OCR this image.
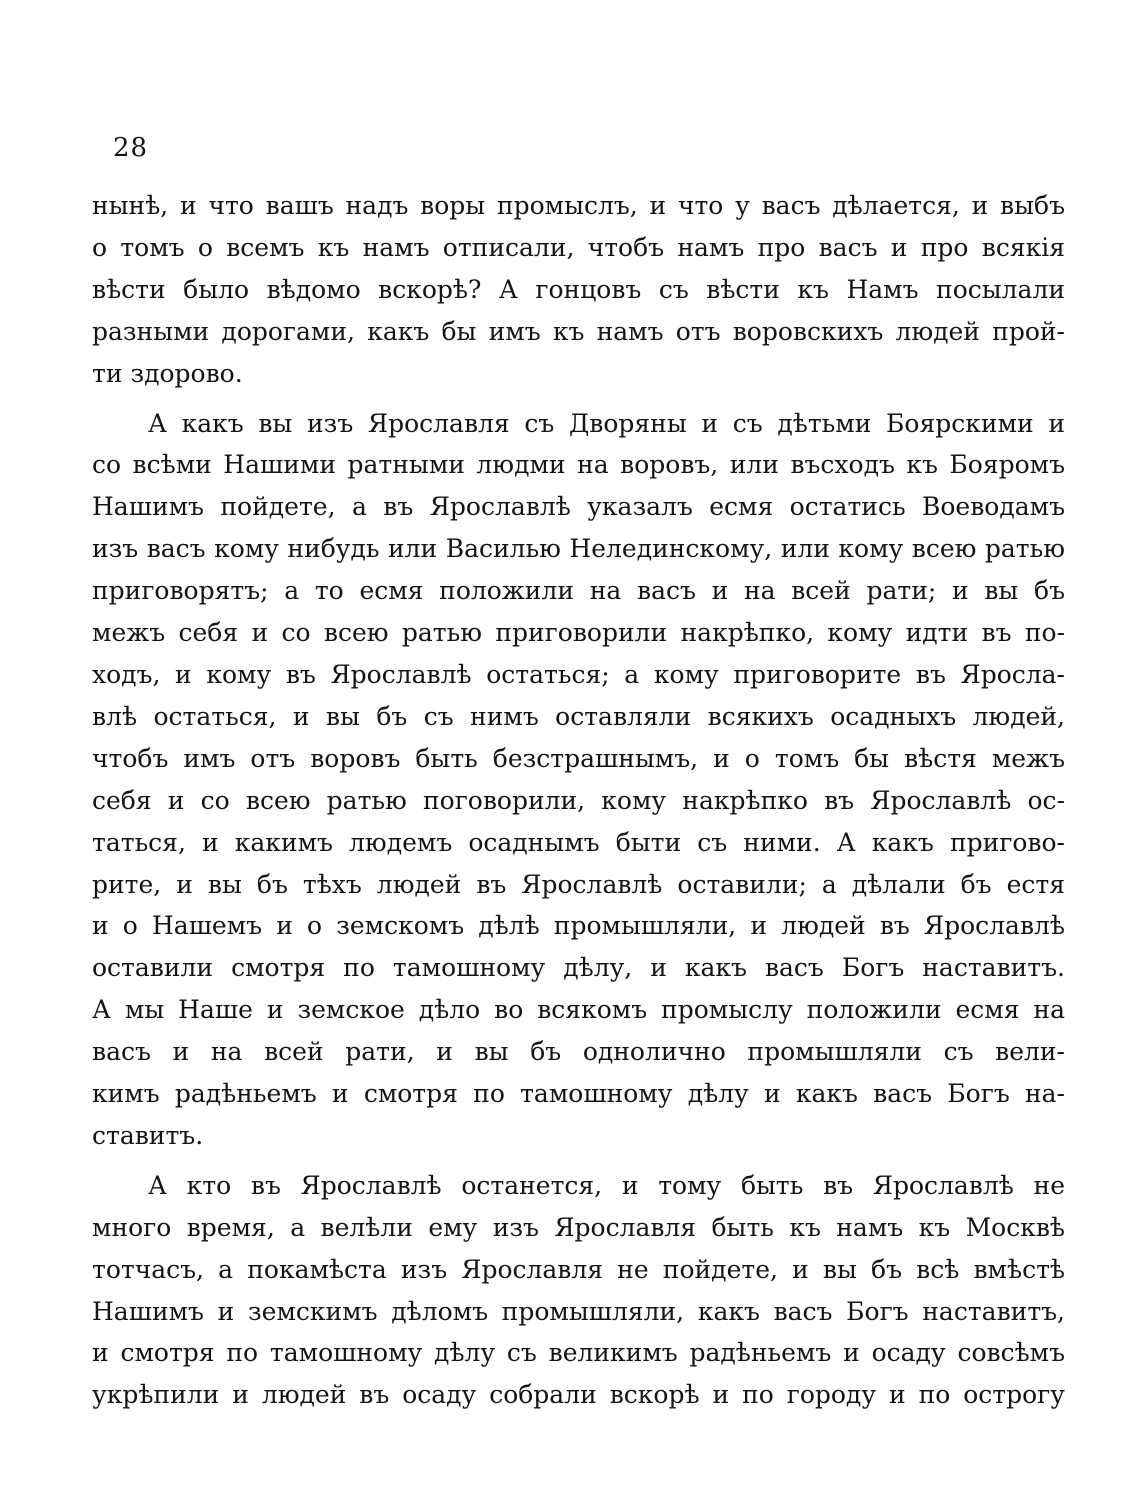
28
нынѣ, и что вашъ надъ воры промыслъ, и что у васъ дѣлается, и выбъ
о томъ о всемъ къ намъ отписали, чтобъ намъ про васъ и про всякія
вѣсти было вѣдомо вскорѣ? А гонцовъ съ вѣсти къ Намъ посылали
разными дорогами, какъ бы имъ къ намъ отъ воровскихъ людей прой-
ти здорово.
А какъ вы изъ Ярославля съ Дворяны и съ дѣтьми Боярскими и
со всѣми Нашими ратными людми на воровъ, или въсходъ къ Бояромъ
Нашимъ пойдете, а въ Ярославлѣ указалъ есмя остатись Воеводамъ
изъ васъ кому нибудь или Василью Нелединскому, или кому всею ратью
приговорятъ; а то есмя положили на васъ и на всей рати; и вы бъ
межъ себя и со всею ратью приговорили накрѣпко, кому идти въ по-
ходъ, и кому въ Ярославлѣ остаться; а кому приговорите въ Яросла-
влѣ остаться, и вы бъ съ нимъ оставляли всякихъ осадныхъ людей,
чтобъ имъ отъ воровъ быть безстрашнымъ, и о томъ бы вѣстя межъ
себя и со всею ратью поговорили, кому накрѣпко въ Ярославлѣ ос-
таться, и какимъ людемъ осаднымъ быти съ ними. А какъ пригово-
рите, и вы бъ тѣхъ людей въ Ярославлѣ оставили; а дѣлали бъ естя
и о Нашемъ и о земскомъ дѣлѣ промышляли, и людей въ Ярославлѣ
оставили смотря по тамошному дѣлу, и какъ васъ Богъ наставитъ.
А мы Наше и земское дѣло во всякомъ промыслу положили есмя на
васъ и на всей рати, и вы бъ однолично промышляли съ вели-
кимъ радѣньемъ и смотря по тамошному дѣлу и какъ васъ Богъ на-
ставитъ.
А кто въ Ярославлѣ останется, и тому быть въ Ярославлѣ не
много время, а велѣли ему изъ Ярославля быть къ намъ къ Москвѣ
тотчасъ, а покамѣста изъ Ярославля не пойдете, и вы бъ всѣ вмѣстѣ
Нашимъ и земскимъ дѣломъ промышляли, какъ васъ Богъ наставитъ,
и смотря по тамошному дѣлу съ великимъ радѣньемъ и осаду совсѣмъ
укрѣпили и людей въ осаду собрали вскорѣ и по городу и по острогу
